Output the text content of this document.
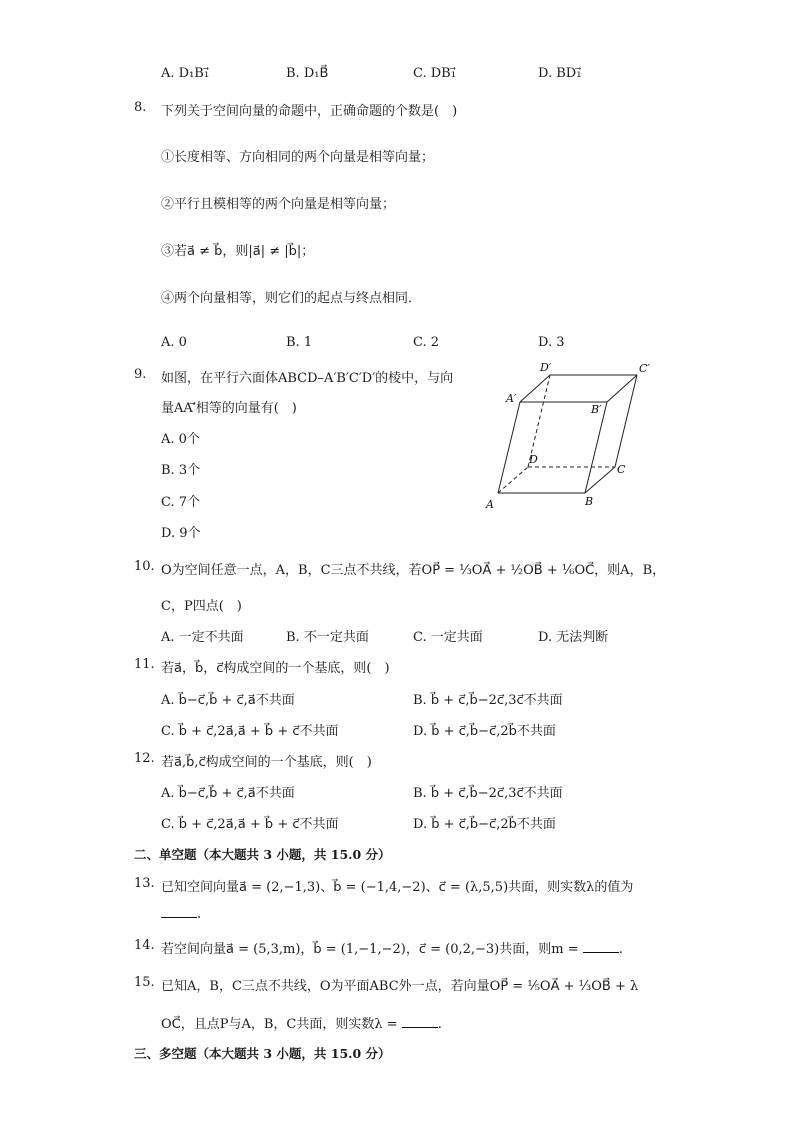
A. D₁B₁⃗	B. D₁B⃗	C. DB₁⃗	D. BD₁⃗
8. 下列关于空间向量的命题中，正确命题的个数是(　)
①长度相等、方向相同的两个向量是相等向量；
②平行且模相等的两个向量是相等向量；
③若a⃗ ≠ b⃗，则|a⃗| ≠ |b⃗|；
④两个向量相等，则它们的起点与终点相同．
A. 0	B. 1	C. 2	D. 3
9. 如图，在平行六面体ABCD–A′B′C′D′的棱中，与向
量AA′⃗相等的向量有(　)
A. 0个
B. 3个
C. 7个
D. 9个
A	B
C
D
A′
B′
C′
D′
10. O为空间任意一点，A，B，C三点不共线，若OP⃗ = ⅓OA⃗ + ½OB⃗ + ⅙OC⃗，则A，B，
C，P四点(　)
A. 一定不共面	B. 不一定共面	C. 一定共面	D. 无法判断
11. 若a⃗，b⃗，c⃗构成空间的一个基底，则(　)
A. b⃗−c⃗,b⃗ + c⃗,a⃗不共面	B. b⃗ + c⃗,b⃗−2c⃗,3c⃗不共面
C. b⃗ + c⃗,2a⃗,a⃗ + b⃗ + c⃗不共面	D. b⃗ + c⃗,b⃗−c⃗,2b⃗不共面
12. 若a⃗,b⃗,c⃗构成空间的一个基底，则(　)
A. b⃗−c⃗,b⃗ + c⃗,a⃗不共面	B. b⃗ + c⃗,b⃗−2c⃗,3c⃗不共面
C. b⃗ + c⃗,2a⃗,a⃗ + b⃗ + c⃗不共面	D. b⃗ + c⃗,b⃗−c⃗,2b⃗不共面
二、单空题（本大题共 3 小题，共 15.0 分）
13. 已知空间向量a⃗ = (2,−1,3)、b⃗ = (−1,4,−2)、c⃗ = (λ,5,5)共面，则实数λ的值为
.
14. 若空间向量a⃗ = (5,3,m)，b⃗ = (1,−1,−2)，c⃗ = (0,2,−3)共面，则m =	.
15. 已知A，B，C三点不共线，O为平面ABC外一点，若向量OP⃗ = ⅕OA⃗ + ⅓OB⃗ + λ
OC⃗，且点P与A，B，C共面，则实数λ =	.
三、多空题（本大题共 3 小题，共 15.0 分）
